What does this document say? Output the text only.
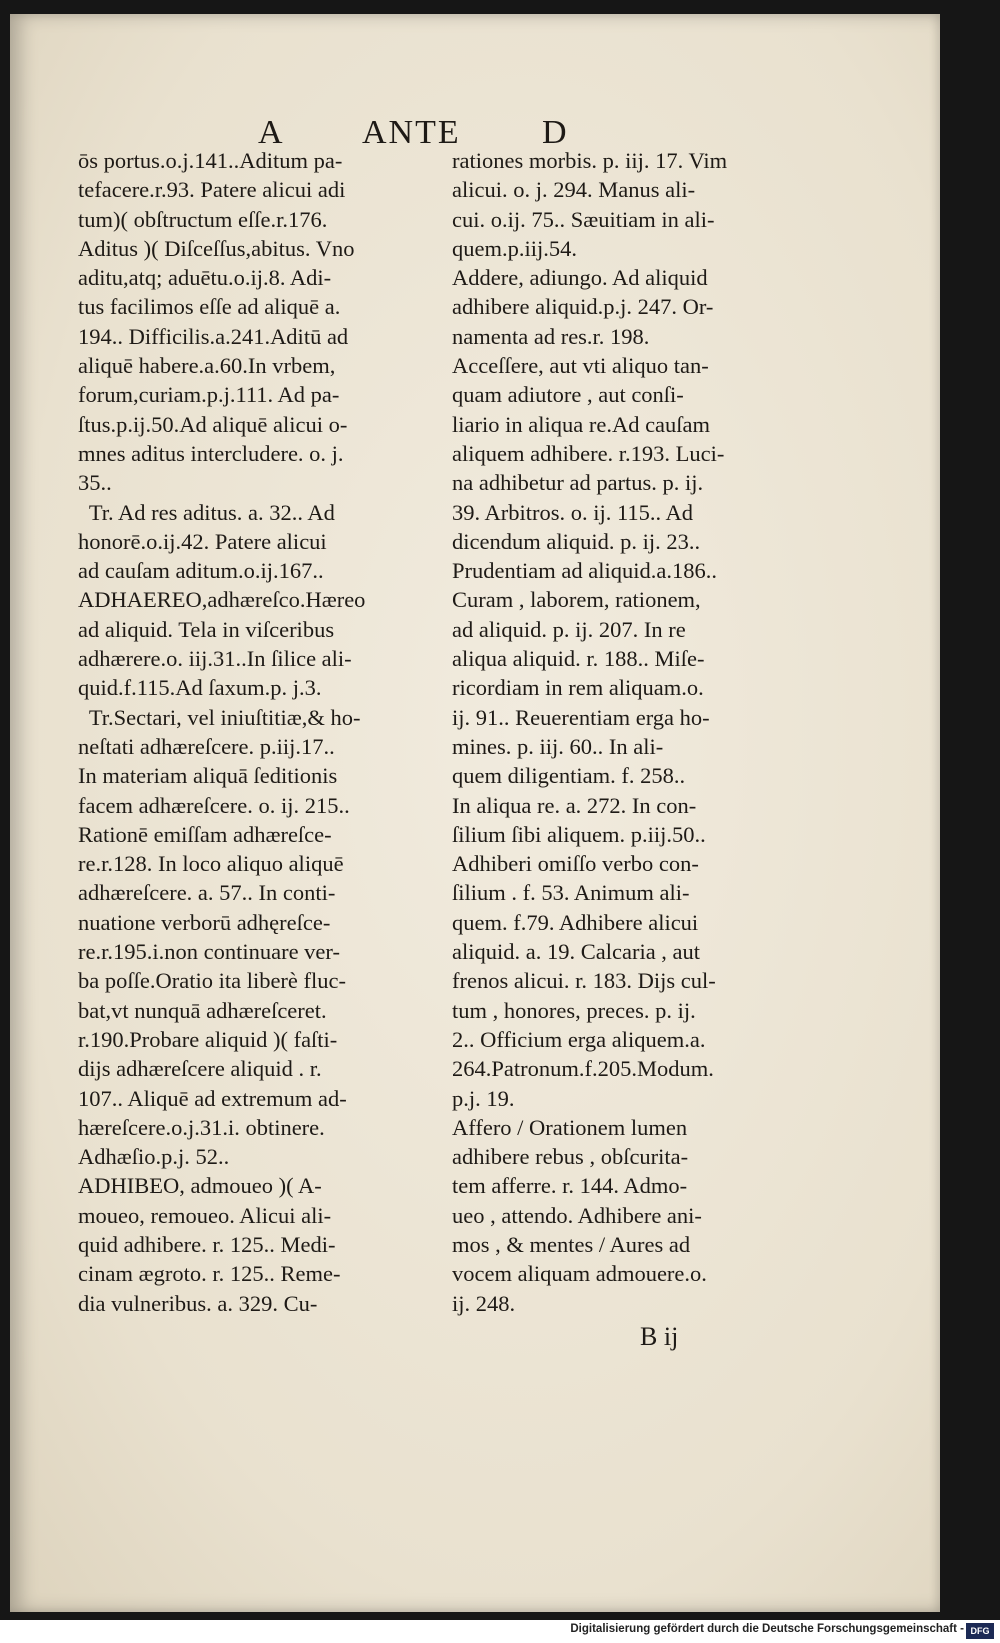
A ANTE D
ōs portus.o.j.141..Aditum pa-
tefacere.r.93. Patere alicui adi
tum)( obſtructum eſſe.r.176.
Aditus )( Diſceſſus,abitus. Vno
aditu,atq; aduētu.o.ij.8. Adi-
tus facilimos eſſe ad aliquē a.
194.. Difficilis.a.241.Aditū ad
aliquē habere.a.60.In vrbem,
forum,curiam.p.j.111. Ad pa-
ſtus.p.ij.50.Ad aliquē alicui o-
mnes aditus intercludere. o. j.
35..
Tr. Ad res aditus. a. 32.. Ad
honorē.o.ij.42. Patere alicui
ad cauſam aditum.o.ij.167..
ADHAEREO,adhæreſco.Hæreo
ad aliquid. Tela in viſceribus
adhærere.o. iij.31..In ſilice ali-
quid.f.115.Ad ſaxum.p. j.3.
Tr.Sectari, vel iniuſtitiæ,& ho-
neſtati adhæreſcere. p.iij.17..
In materiam aliquā ſeditionis
facem adhæreſcere. o. ij. 215..
Rationē emiſſam adhæreſce-
re.r.128. In loco aliquo aliquē
adhæreſcere. a. 57.. In conti-
nuatione verborū adhęreſce-
re.r.195.i.non continuare ver-
ba poſſe.Oratio ita liberè fluc-
bat,vt nunquā adhæreſceret.
r.190.Probare aliquid )( faſti-
dijs adhæreſcere aliquid . r.
107.. Aliquē ad extremum ad-
hæreſcere.o.j.31.i. obtinere.
Adhæſio.p.j. 52..
ADHIBEO, admoueo )( A-
moueo, remoueo. Alicui ali-
quid adhibere. r. 125.. Medi-
cinam ægroto. r. 125.. Reme-
dia vulneribus. a. 329. Cu-
rationes morbis. p. iij. 17. Vim
alicui. o. j. 294. Manus ali-
cui. o.ij. 75.. Sæuitiam in ali-
quem.p.iij.54.
Addere, adiungo. Ad aliquid
adhibere aliquid.p.j. 247. Or-
namenta ad res.r. 198.
Acceſſere, aut vti aliquo tan-
quam adiutore , aut conſi-
liario in aliqua re.Ad cauſam
aliquem adhibere. r.193. Luci-
na adhibetur ad partus. p. ij.
39. Arbitros. o. ij. 115.. Ad
dicendum aliquid. p. ij. 23..
Prudentiam ad aliquid.a.186..
Curam , laborem, rationem,
ad aliquid. p. ij. 207. In re
aliqua aliquid. r. 188.. Miſe-
ricordiam in rem aliquam.o.
ij. 91.. Reuerentiam erga ho-
mines. p. iij. 60.. In ali-
quem diligentiam. f. 258..
In aliqua re. a. 272. In con-
ſilium ſibi aliquem. p.iij.50..
Adhiberi omiſſo verbo con-
ſilium . f. 53. Animum ali-
quem. f.79. Adhibere alicui
aliquid. a. 19. Calcaria , aut
frenos alicui. r. 183. Dijs cul-
tum , honores, preces. p. ij.
2.. Officium erga aliquem.a.
264.Patronum.f.205.Modum.
p.j. 19.
Affero / Orationem lumen
adhibere rebus , obſcurita-
tem afferre. r. 144. Admo-
ueo , attendo. Adhibere ani-
mos , & mentes / Aures ad
vocem aliquam admouere.o.
ij. 248.
B ij
Digitalisierung gefördert durch die Deutsche Forschungsgemeinschaft - DFG
